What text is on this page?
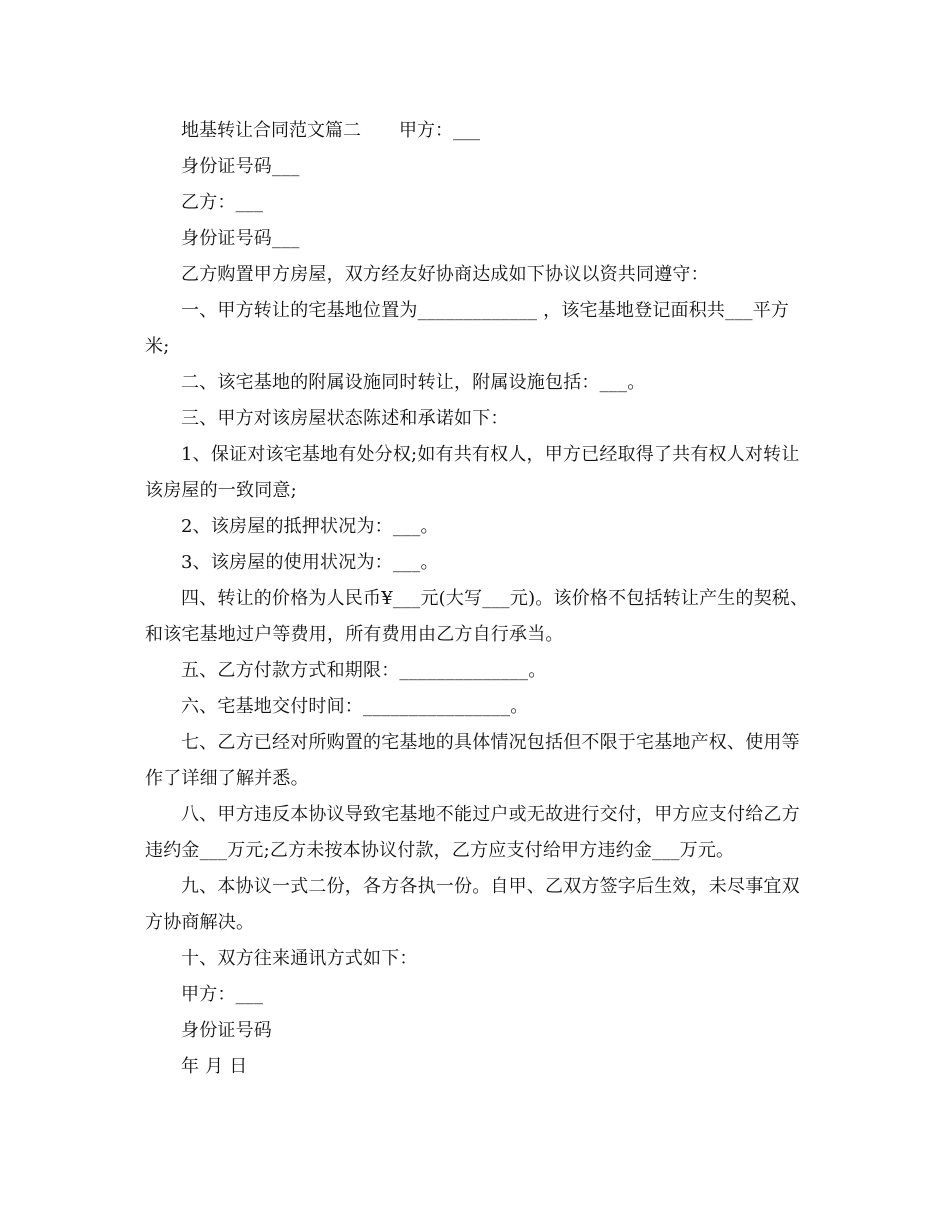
地基转让合同范文篇二 甲方：___

身份证号码___

乙方：___

身份证号码___

乙方购置甲方房屋，双方经友好协商达成如下协议以资共同遵守：

一、甲方转让的宅基地位置为_____________ ，该宅基地登记面积共___平方米;

二、该宅基地的附属设施同时转让，附属设施包括：___。

三、甲方对该房屋状态陈述和承诺如下：

1、保证对该宅基地有处分权;如有共有权人，甲方已经取得了共有权人对转让该房屋的一致同意;

2、该房屋的抵押状况为：___。

3、该房屋的使用状况为：___。

四、转让的价格为人民币¥___元(大写___元)。该价格不包括转让产生的契税、和该宅基地过户等费用，所有费用由乙方自行承当。

五、乙方付款方式和期限：______________。

六、宅基地交付时间：________________。

七、乙方已经对所购置的宅基地的具体情况包括但不限于宅基地产权、使用等作了详细了解并悉。

八、甲方违反本协议导致宅基地不能过户或无故进行交付，甲方应支付给乙方违约金___万元;乙方未按本协议付款，乙方应支付给甲方违约金___万元。

九、本协议一式二份，各方各执一份。自甲、乙双方签字后生效，未尽事宜双方协商解决。

十、双方往来通讯方式如下：

甲方：___

身份证号码

年 月 日
